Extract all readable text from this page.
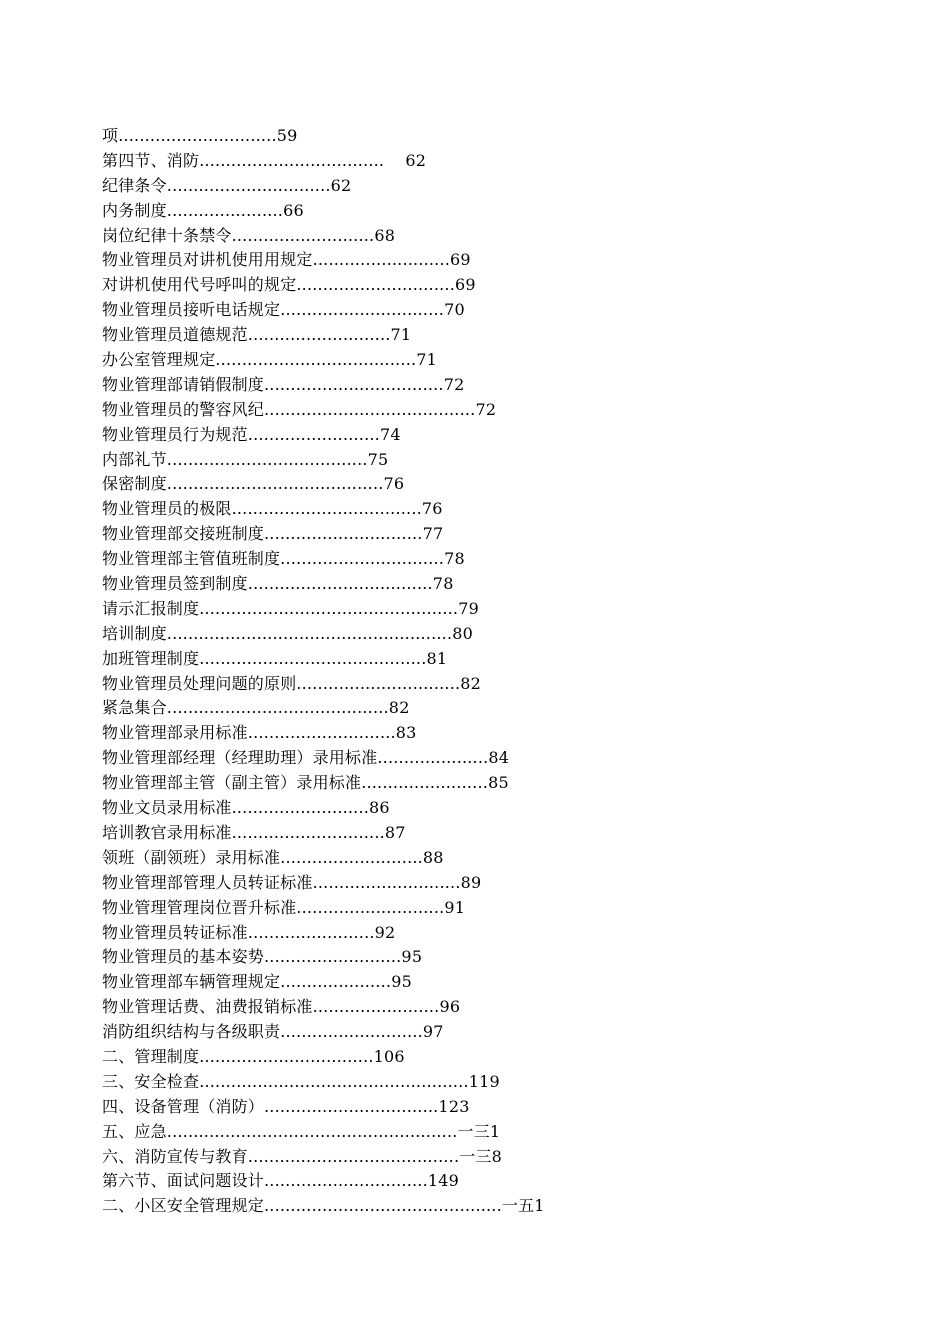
项..............................59
第四节、消防...................................    62
纪律条令...............................62
内务制度......................66
岗位纪律十条禁令...........................68
物业管理员对讲机使用用规定..........................69
对讲机使用代号呼叫的规定..............................69
物业管理员接听电话规定...............................70
物业管理员道德规范...........................71
办公室管理规定......................................71
物业管理部请销假制度..................................72
物业管理员的警容风纪........................................72
物业管理员行为规范.........................74
内部礼节......................................75
保密制度.........................................76
物业管理员的极限....................................76
物业管理部交接班制度..............................77
物业管理部主管值班制度...............................78
物业管理员签到制度...................................78
请示汇报制度.................................................79
培训制度......................................................80
加班管理制度...........................................81
物业管理员处理问题的原则...............................82
紧急集合..........................................82
物业管理部录用标准............................83
物业管理部经理（经理助理）录用标准.....................84
物业管理部主管（副主管）录用标准........................85
物业文员录用标准..........................86
培训教官录用标准.............................87
领班（副领班）录用标准...........................88
物业管理部管理人员转证标准............................89
物业管理管理岗位晋升标准............................91
物业管理员转证标准........................92
物业管理员的基本姿势..........................95
物业管理部车辆管理规定.....................95
物业管理话费、油费报销标准........................96
消防组织结构与各级职责...........................97
二、管理制度.................................106
三、安全检查...................................................119
四、设备管理（消防）.................................123
五、应急.......................................................一三1
六、消防宣传与教育........................................一三8
第六节、面试问题设计...............................149
二、小区安全管理规定.............................................一五1
